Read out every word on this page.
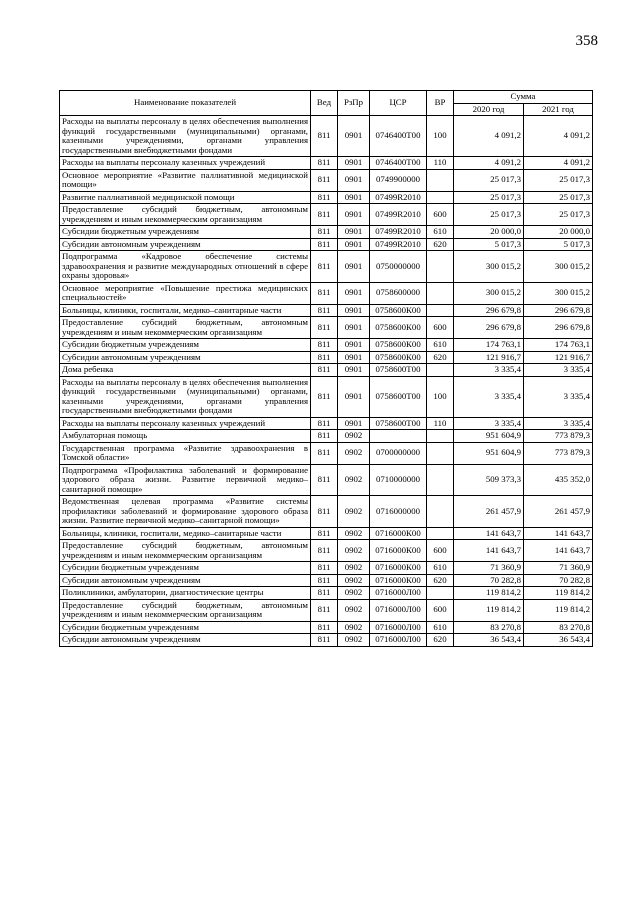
358
Наименование показателей	Вед	РзПр	ЦСР	ВР	Сумма	
					2020 год	2021 год
Расходы на выплаты персоналу в целях обеспечения выполнения функций государственными (муниципальными) органами, казенными учреждениями, органами управления государственными внебюджетными фондами	811	0901	0746400Т00	100	4 091,2	4 091,2
Расходы на выплаты персоналу казенных учреждений	811	0901	0746400Т00	110	4 091,2	4 091,2
Основное мероприятие «Развитие паллиативной медицинской помощи»	811	0901	0749900000		25 017,3	25 017,3
Развитие паллиативной медицинской помощи	811	0901	07499R2010		25 017,3	25 017,3
Предоставление субсидий бюджетным, автономным учреждениям и иным некоммерческим организациям	811	0901	07499R2010	600	25 017,3	25 017,3
Субсидии бюджетным учреждениям	811	0901	07499R2010	610	20 000,0	20 000,0
Субсидии автономным учреждениям	811	0901	07499R2010	620	5 017,3	5 017,3
Подпрограмма «Кадровое обеспечение системы здравоохранения и развитие международных отношений в сфере охраны здоровья»	811	0901	0750000000		300 015,2	300 015,2
Основное мероприятие «Повышение престижа медицинских специальностей»	811	0901	0758600000		300 015,2	300 015,2
Больницы, клиники, госпитали, медико–санитарные части	811	0901	0758600К00		296 679,8	296 679,8
Предоставление субсидий бюджетным, автономным учреждениям и иным некоммерческим организациям	811	0901	0758600К00	600	296 679,8	296 679,8
Субсидии бюджетным учреждениям	811	0901	0758600К00	610	174 763,1	174 763,1
Субсидии автономным учреждениям	811	0901	0758600К00	620	121 916,7	121 916,7
Дома ребенка	811	0901	0758600Т00		3 335,4	3 335,4
Расходы на выплаты персоналу в целях обеспечения выполнения функций государственными (муниципальными) органами, казенными учреждениями, органами управления государственными внебюджетными фондами	811	0901	0758600Т00	100	3 335,4	3 335,4
Расходы на выплаты персоналу казенных учреждений	811	0901	0758600Т00	110	3 335,4	3 335,4
Амбулаторная помощь	811	0902			951 604,9	773 879,3
Государственная программа «Развитие здравоохранения в Томской области»	811	0902	0700000000		951 604,9	773 879,3
Подпрограмма «Профилактика заболеваний и формирование здорового образа жизни. Развитие первичной медико–санитарной помощи»	811	0902	0710000000		509 373,3	435 352,0
Ведомственная целевая программа «Развитие системы профилактики заболеваний и формирование здорового образа жизни. Развитие первичной медико–санитарной помощи»	811	0902	0716000000		261 457,9	261 457,9
Больницы, клиники, госпитали, медико–санитарные части	811	0902	0716000К00		141 643,7	141 643,7
Предоставление субсидий бюджетным, автономным учреждениям и иным некоммерческим организациям	811	0902	0716000К00	600	141 643,7	141 643,7
Субсидии бюджетным учреждениям	811	0902	0716000К00	610	71 360,9	71 360,9
Субсидии автономным учреждениям	811	0902	0716000К00	620	70 282,8	70 282,8
Поликлиники, амбулатории, диагностические центры	811	0902	0716000Л00		119 814,2	119 814,2
Предоставление субсидий бюджетным, автономным учреждениям и иным некоммерческим организациям	811	0902	0716000Л00	600	119 814,2	119 814,2
Субсидии бюджетным учреждениям	811	0902	0716000Л00	610	83 270,8	83 270,8
Субсидии автономным учреждениям	811	0902	0716000Л00	620	36 543,4	36 543,4
